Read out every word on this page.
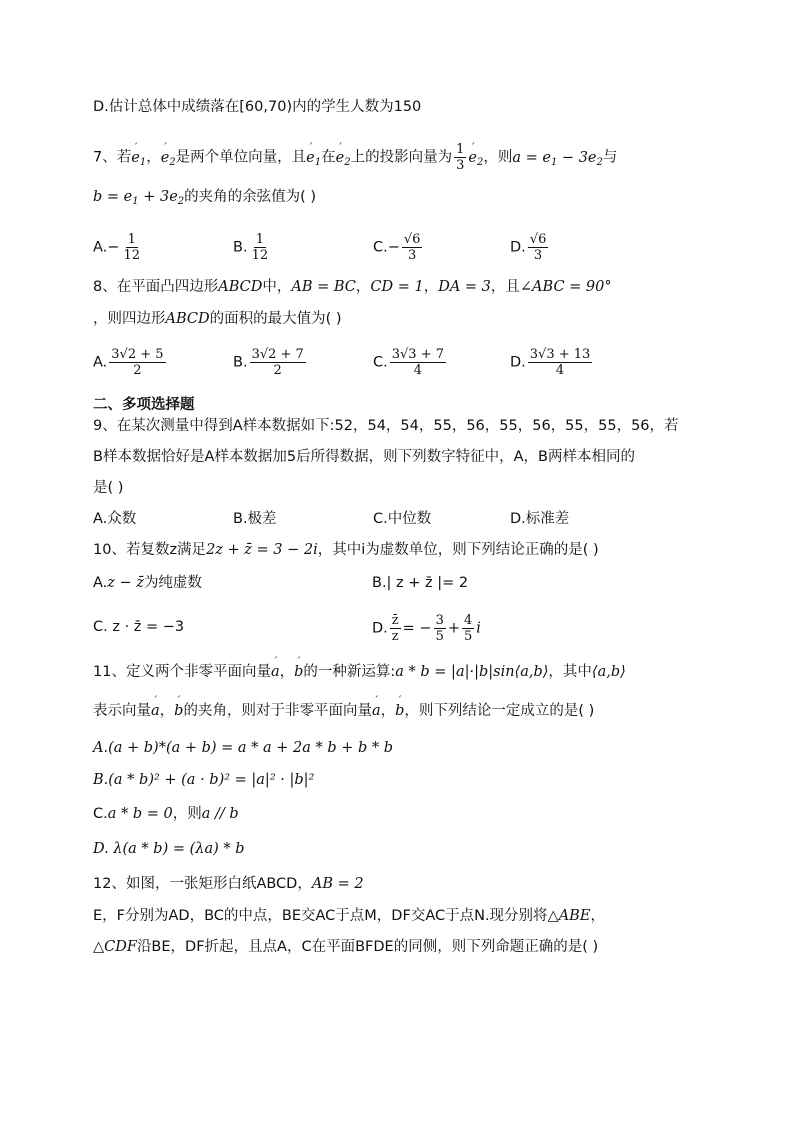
D.估计总体中成绩落在[60,70)内的学生人数为150
7、若´ $e_1$，´ $e_2$是两个单位向量，且´ $e_1$在´ $e_2$上的投影向量为 $\frac{1}{3}$
´ $e_2$，则$a = e_1 - 3e_2$与
$b = e_1 + 3e_2$的夹角的余弦值为( )
$A.- \frac{1}{12}$	B. $\frac{1}{12}$	$C.- \frac{√6}{3}$	D. $\frac{√6}{3}$
8、在平面凸四边形ABCD中，AB = BC，CD = 1，DA = 3，且∠ABC = 90°
，则四边形ABCD的面积的最大值为( )
A. $\frac{3√2 + 5}{2}$	B. $\frac{3√2 + 7}{2}$	C. $\frac{3√3 + 7}{4}$	D. $\frac{3√3 + 13}{4}$
二、多项选择题
9、在某次测量中得到A样本数据如下:52，54，54，55，56，55，56，55，55，56，若
B样本数据恰好是A样本数据加5后所得数据，则下列数字特征中，A，B两样本相同的
是( )
A.众数	B.极差	C.中位数	D.标准差
10、若复数z满足2z + z̄ = 3 − 2i，其中i为虚数单位，则下列结论正确的是( )
A.z − z̄为纯虚数	B.| z + z̄ |= 2
C. z · z̄ = −3	D. $\frac{z̄}{z}$ = − $\frac{3}{5} + \frac{4}{5}$ i
11、定义两个非零平面向量´ a，´ b的一种新运算:a * b = |a|·|b|sin⟨a,b⟩，其中⟨a,b⟩
表示向量´ a，´ b的夹角，则对于非零平面向量´ a，´ b，则下列结论一定成立的是( )
A.(a + b)*(a + b) = a * a + 2a * b + b * b
B.(a * b)² + (a · b)² = |a|² · |b|²
C.a * b = 0，则a // b
D. λ(a * b) = (λa) * b
12、如图，一张矩形白纸ABCD，AB = 2
E，F分别为AD，BC的中点，BE交AC于点M，DF交AC于点N.现分别将△ABE，
△CDF沿BE，DF折起，且点A，C在平面BFDE的同侧，则下列命题正确的是( )
